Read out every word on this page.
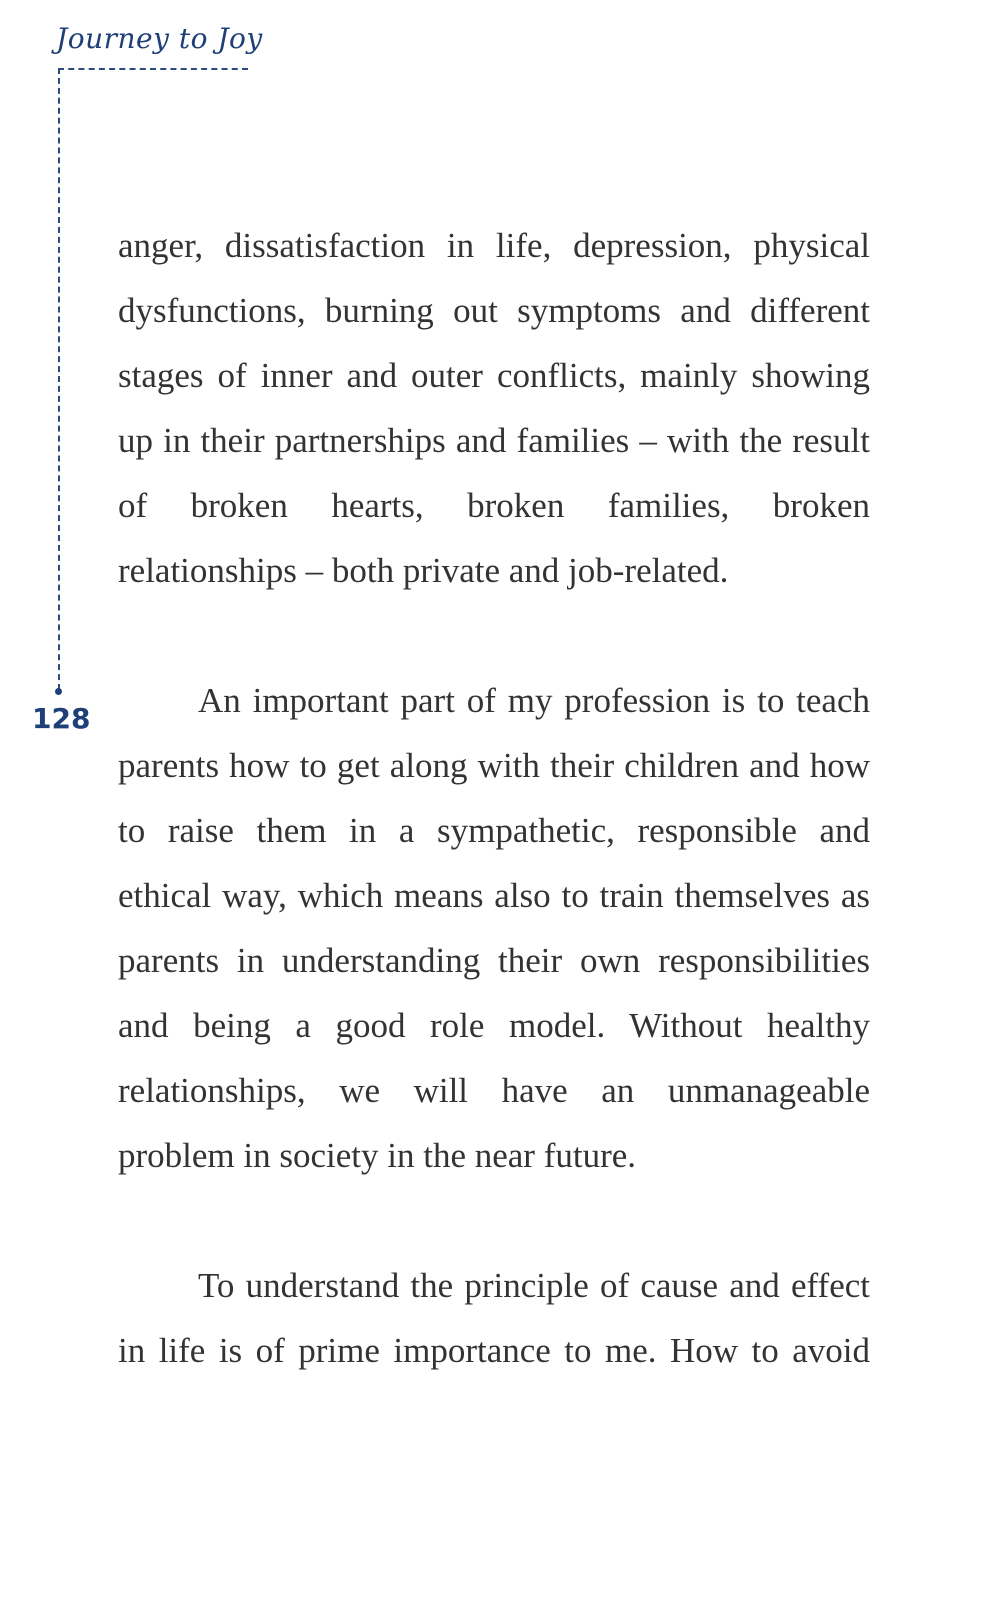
Journey to Joy
128

anger, dissatisfaction in life, depression, physical dysfunctions, burning out symptoms and different stages of inner and outer conflicts, mainly showing up in their partnerships and families – with the result of broken hearts, broken families, broken relationships – both private and job-related.

An important part of my profession is to teach parents how to get along with their children and how to raise them in a sympathetic, responsible and ethical way, which means also to train themselves as parents in understanding their own responsibilities and being a good role model. Without healthy relationships, we will have an unmanageable problem in society in the near future.

To understand the principle of cause and effect in life is of prime importance to me. How to avoid
